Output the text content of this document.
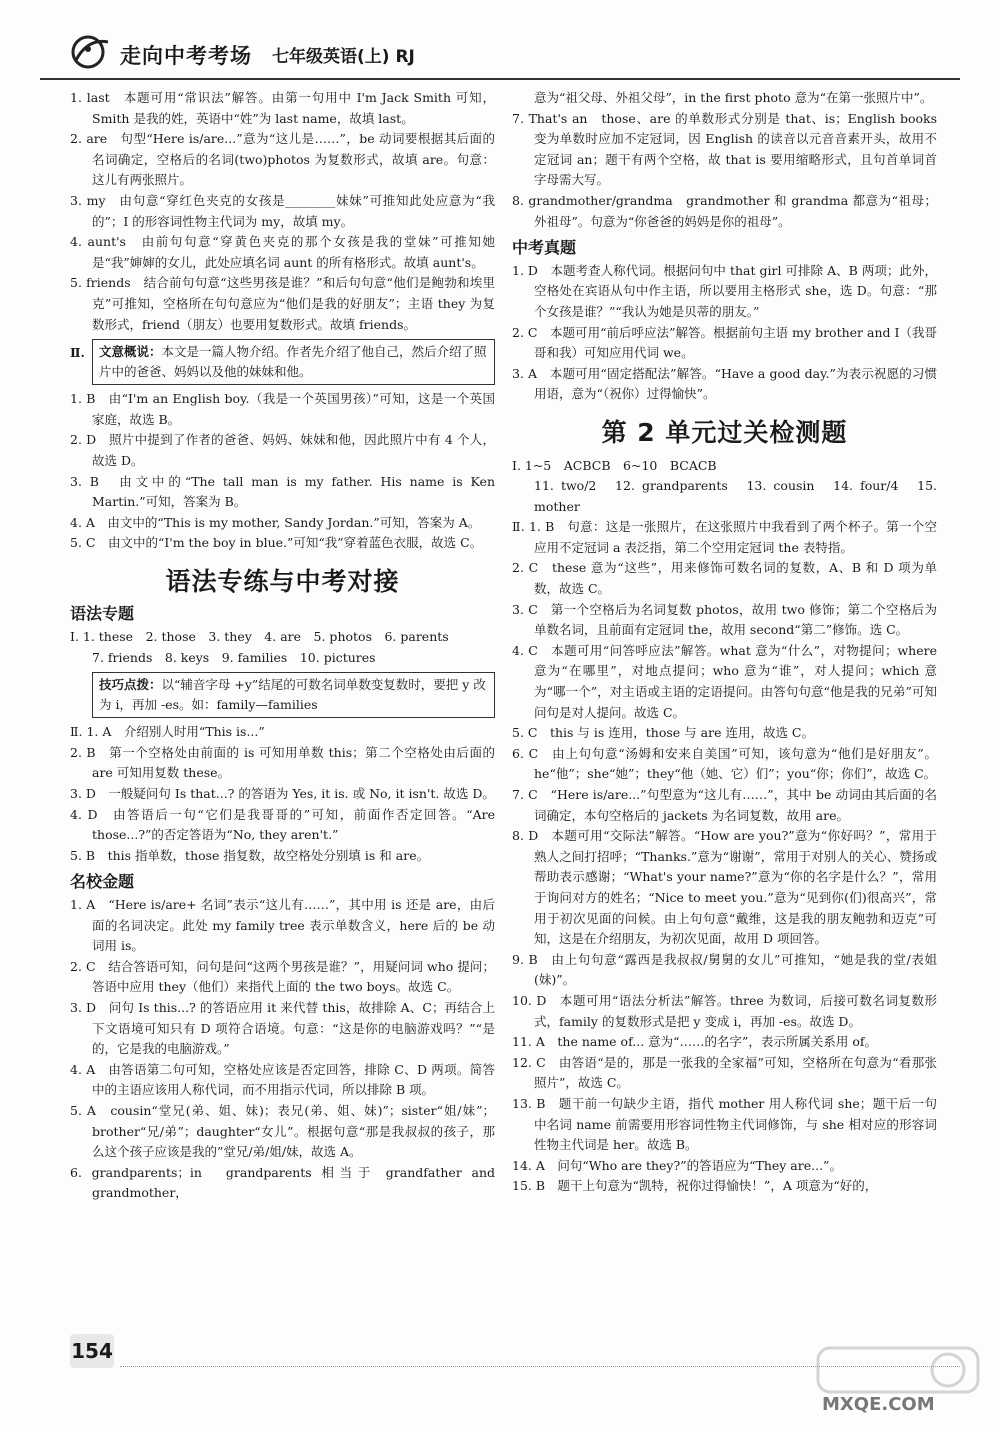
走向中考考场 七年级英语(上) RJ

1. last　本题可用“常识法”解答。由第一句用中 I'm Jack Smith 可知，Smith 是我的姓，英语中“姓”为 last name，故填 last。

2. are　句型“Here is/are...”意为“这儿是……”，be 动词要根据其后面的名词确定，空格后的名词(two)photos 为复数形式，故填 are。句意：这儿有两张照片。

3. my　由句意“穿红色夹克的女孩是________妹妹”可推知此处应意为“我的”；I 的形容词性物主代词为 my，故填 my。

4. aunt's　由前句句意“穿黄色夹克的那个女孩是我的堂妹”可推知她是“我”婶婶的女儿，此处应填名词 aunt 的所有格形式。故填 aunt's。

5. friends　结合前句句意“这些男孩是谁？”和后句句意“他们是鲍勃和埃里克”可推知，空格所在句句意应为“他们是我的好朋友”；主语 they 为复数形式，friend（朋友）也要用复数形式。故填 friends。

Ⅱ.	文意概说：本文是一篇人物介绍。作者先介绍了他自己，然后介绍了照片中的爸爸、妈妈以及他的妹妹和他。

1. B　由“I'm an English boy.（我是一个英国男孩）”可知，这是一个英国家庭，故选 B。

2. D　照片中提到了作者的爸爸、妈妈、妹妹和他，因此照片中有 4 个人，故选 D。

3. B　由文中的“The tall man is my father. His name is Ken Martin.”可知，答案为 B。

4. A　由文中的“This is my mother, Sandy Jordan.”可知，答案为 A。

5. C　由文中的“I'm the boy in blue.”可知“我”穿着蓝色衣服，故选 C。

语法专练与中考对接
语法专题

Ⅰ. 1. these　2. those　3. they　4. are　5. photos　6. parents

7. friends　8. keys　9. families　10. pictures

技巧点拨：以“辅音字母 +y”结尾的可数名词单数变复数时，要把 y 改为 i，再加 -es。如：family—families

Ⅱ. 1. A　介绍别人时用“This is...”

2. B　第一个空格处由前面的 is 可知用单数 this；第二个空格处由后面的 are 可知用复数 these。

3. D　一般疑问句 Is that...? 的答语为 Yes, it is. 或 No, it isn't. 故选 D。

4. D　由答语后一句“它们是我哥哥的”可知，前面作否定回答。“Are those...?”的否定答语为“No, they aren't.”

5. B　this 指单数，those 指复数，故空格处分别填 is 和 are。

名校金题

1. A　“Here is/are+ 名词”表示“这儿有……”，其中用 is 还是 are，由后面的名词决定。此处 my family tree 表示单数含义，here 后的 be 动词用 is。

2. C　结合答语可知，问句是问“这两个男孩是谁？”，用疑问词 who 提问；答语中应用 they（他们）来指代上面的 the two boys。故选 C。

3. D　问句 Is this...? 的答语应用 it 来代替 this，故排除 A、C；再结合上下文语境可知只有 D 项符合语境。句意：“这是你的电脑游戏吗？”“是的，它是我的电脑游戏。”

4. A　由答语第二句可知，空格处应该是否定回答，排除 C、D 两项。简答中的主语应该用人称代词，而不用指示代词，所以排除 B 项。

5. A　cousin“堂兄(弟、姐、妹)；表兄(弟、姐、妹)”；sister“姐/妹”；brother“兄/弟”；daughter“女儿”。根据句意“那是我叔叔的孩子，那么这个孩子应该是我的”堂兄/弟/姐/妹，故选 A。

6. grandparents；in　grandparents 相当于 grandfather and grandmother，

意为“祖父母、外祖父母”，in the first photo 意为“在第一张照片中”。

7. That's an　those、are 的单数形式分别是 that、is；English books 变为单数时应加不定冠词，因 English 的读音以元音音素开头，故用不定冠词 an；题干有两个空格，故 that is 要用缩略形式，且句首单词首字母需大写。

8. grandmother/grandma　grandmother 和 grandma 都意为“祖母；外祖母”。句意为“你爸爸的妈妈是你的祖母”。

中考真题

1. D　本题考查人称代词。根据问句中 that girl 可排除 A、B 两项；此外，空格处在宾语从句中作主语，所以要用主格形式 she，选 D。句意：“那个女孩是谁？”“我认为她是贝蒂的朋友。”

2. C　本题可用“前后呼应法”解答。根据前句主语 my brother and I（我哥哥和我）可知应用代词 we。

3. A　本题可用“固定搭配法”解答。“Have a good day.”为表示祝愿的习惯用语，意为“（祝你）过得愉快”。

第 2 单元过关检测题

Ⅰ. 1~5　ACBCB　6~10　BCACB

11. two/2　12. grandparents　13. cousin　14. four/4　15. mother

Ⅱ. 1. B　句意：这是一张照片，在这张照片中我看到了两个杯子。第一个空应用不定冠词 a 表泛指，第二个空用定冠词 the 表特指。

2. C　these 意为“这些”，用来修饰可数名词的复数，A、B 和 D 项为单数，故选 C。

3. C　第一个空格后为名词复数 photos，故用 two 修饰；第二个空格后为单数名词，且前面有定冠词 the，故用 second“第二”修饰。选 C。

4. C　本题可用“问答呼应法”解答。what 意为“什么”，对物提问；where 意为“在哪里”，对地点提问；who 意为“谁”，对人提问；which 意为“哪一个”，对主语或主语的定语提问。由答句句意“他是我的兄弟”可知问句是对人提问。故选 C。

5. C　this 与 is 连用，those 与 are 连用，故选 C。

6. C　由上句句意“汤姆和安来自美国”可知，该句意为“他们是好朋友”。he“他”；she“她”；they“他（她、它）们”；you“你；你们”，故选 C。

7. C　“Here is/are...”句型意为“这儿有……”，其中 be 动词由其后面的名词确定，本句空格后的 jackets 为名词复数，故用 are。

8. D　本题可用“交际法”解答。“How are you?”意为“你好吗？”，常用于熟人之间打招呼；“Thanks.”意为“谢谢”，常用于对别人的关心、赞扬或帮助表示感谢；“What's your name?”意为“你的名字是什么？”，常用于询问对方的姓名；“Nice to meet you.”意为“见到你(们)很高兴”，常用于初次见面的问候。由上句句意“戴维，这是我的朋友鲍勃和迈克”可知，这是在介绍朋友，为初次见面，故用 D 项回答。

9. B　由上句句意“露西是我叔叔/舅舅的女儿”可推知，“她是我的堂/表姐(妹)”。

10. D　本题可用“语法分析法”解答。three 为数词，后接可数名词复数形式，family 的复数形式是把 y 变成 i，再加 -es。故选 D。

11. A　the name of... 意为“……的名字”，表示所属关系用 of。

12. C　由答语“是的，那是一张我的全家福”可知，空格所在句意为“看那张照片”，故选 C。

13. B　题干前一句缺少主语，指代 mother 用人称代词 she；题干后一句中名词 name 前需要用形容词性物主代词修饰，与 she 相对应的形容词性物主代词是 her。故选 B。

14. A　问句“Who are they?”的答语应为“They are...”。

15. B　题干上句意为“凯特，祝你过得愉快！”，A 项意为“好的，

154
MXQE.COM
